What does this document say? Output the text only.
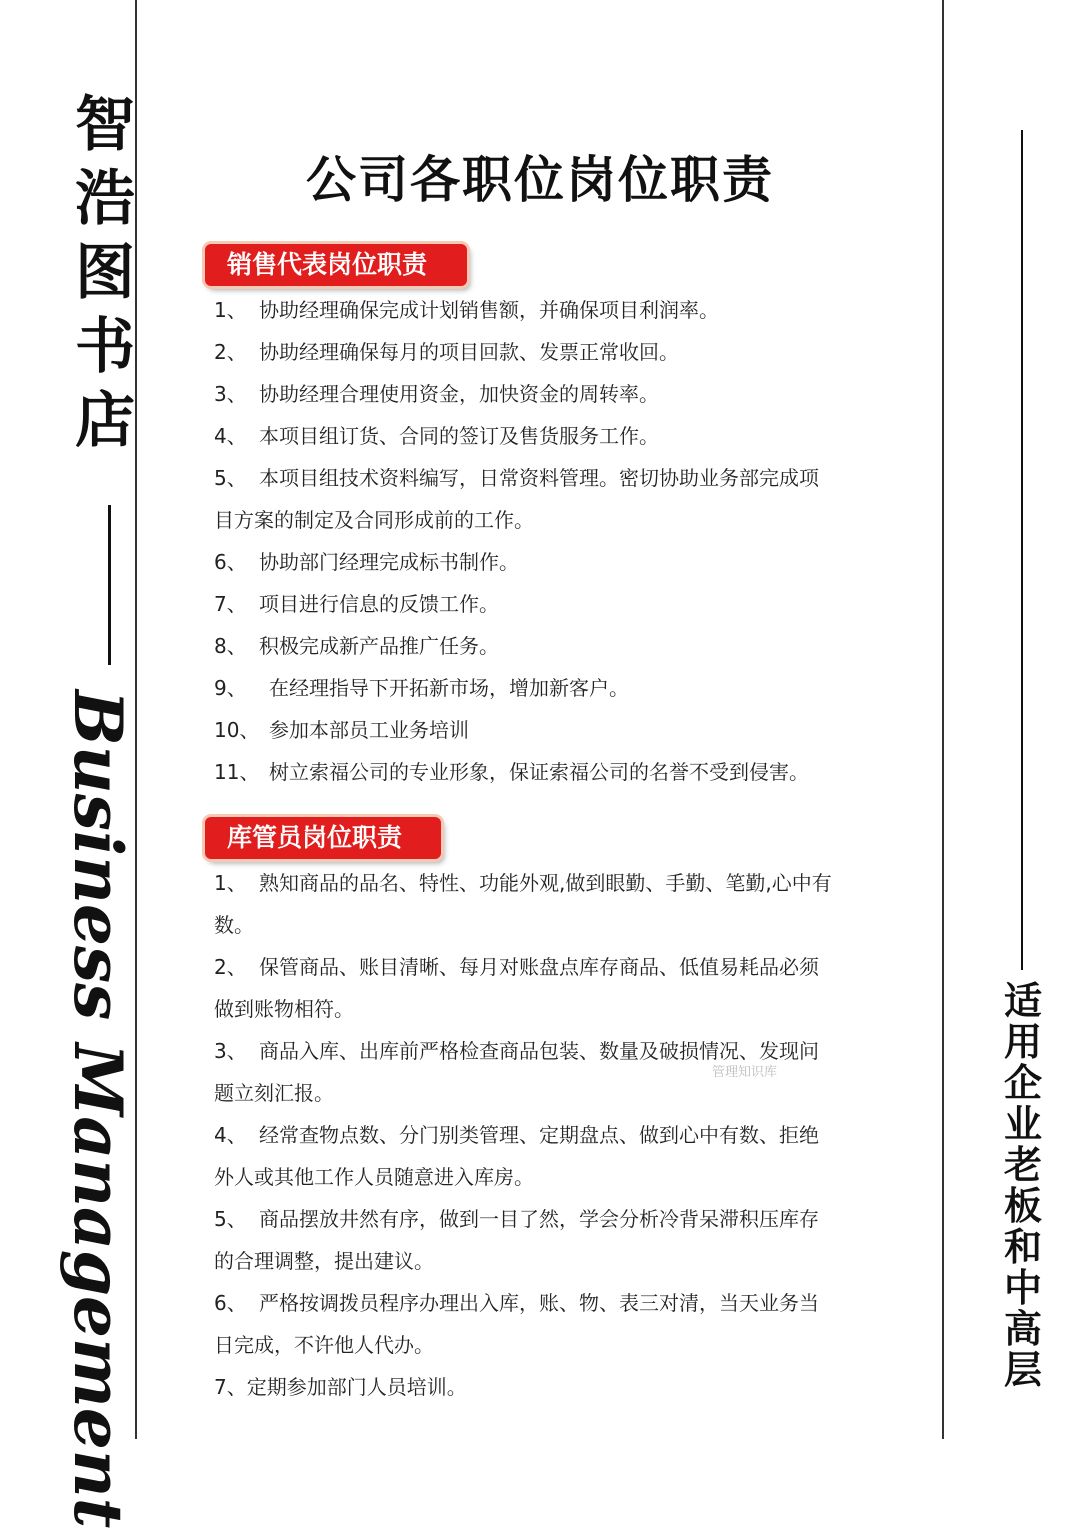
智浩图书店
Business Management	适用企业老板和中高层
公司各职位岗位职责
销售代表岗位职责
1、 协助经理确保完成计划销售额，并确保项目利润率。
2、 协助经理确保每月的项目回款、发票正常收回。
3、 协助经理合理使用资金，加快资金的周转率。
4、 本项目组订货、合同的签订及售货服务工作。
5、 本项目组技术资料编写，日常资料管理。密切协助业务部完成项
目方案的制定及合同形成前的工作。
6、 协助部门经理完成标书制作。
7、 项目进行信息的反馈工作。
8、 积极完成新产品推广任务。
9、 在经理指导下开拓新市场，增加新客户。
10、 参加本部员工业务培训
11、 树立索福公司的专业形象，保证索福公司的名誉不受到侵害。
库管员岗位职责
1、 熟知商品的品名、特性、功能外观,做到眼勤、手勤、笔勤,心中有
数。
2、 保管商品、账目清晰、每月对账盘点库存商品、低值易耗品必须
做到账物相符。
3、 商品入库、出库前严格检查商品包装、数量及破损情况、发现问
题立刻汇报。
4、 经常查物点数、分门别类管理、定期盘点、做到心中有数、拒绝
外人或其他工作人员随意进入库房。
5、 商品摆放井然有序，做到一目了然，学会分析冷背呆滞积压库存
的合理调整，提出建议。
6、 严格按调拨员程序办理出入库，账、物、表三对清，当天业务当
日完成，不许他人代办。
7、定期参加部门人员培训。
管理知识库
